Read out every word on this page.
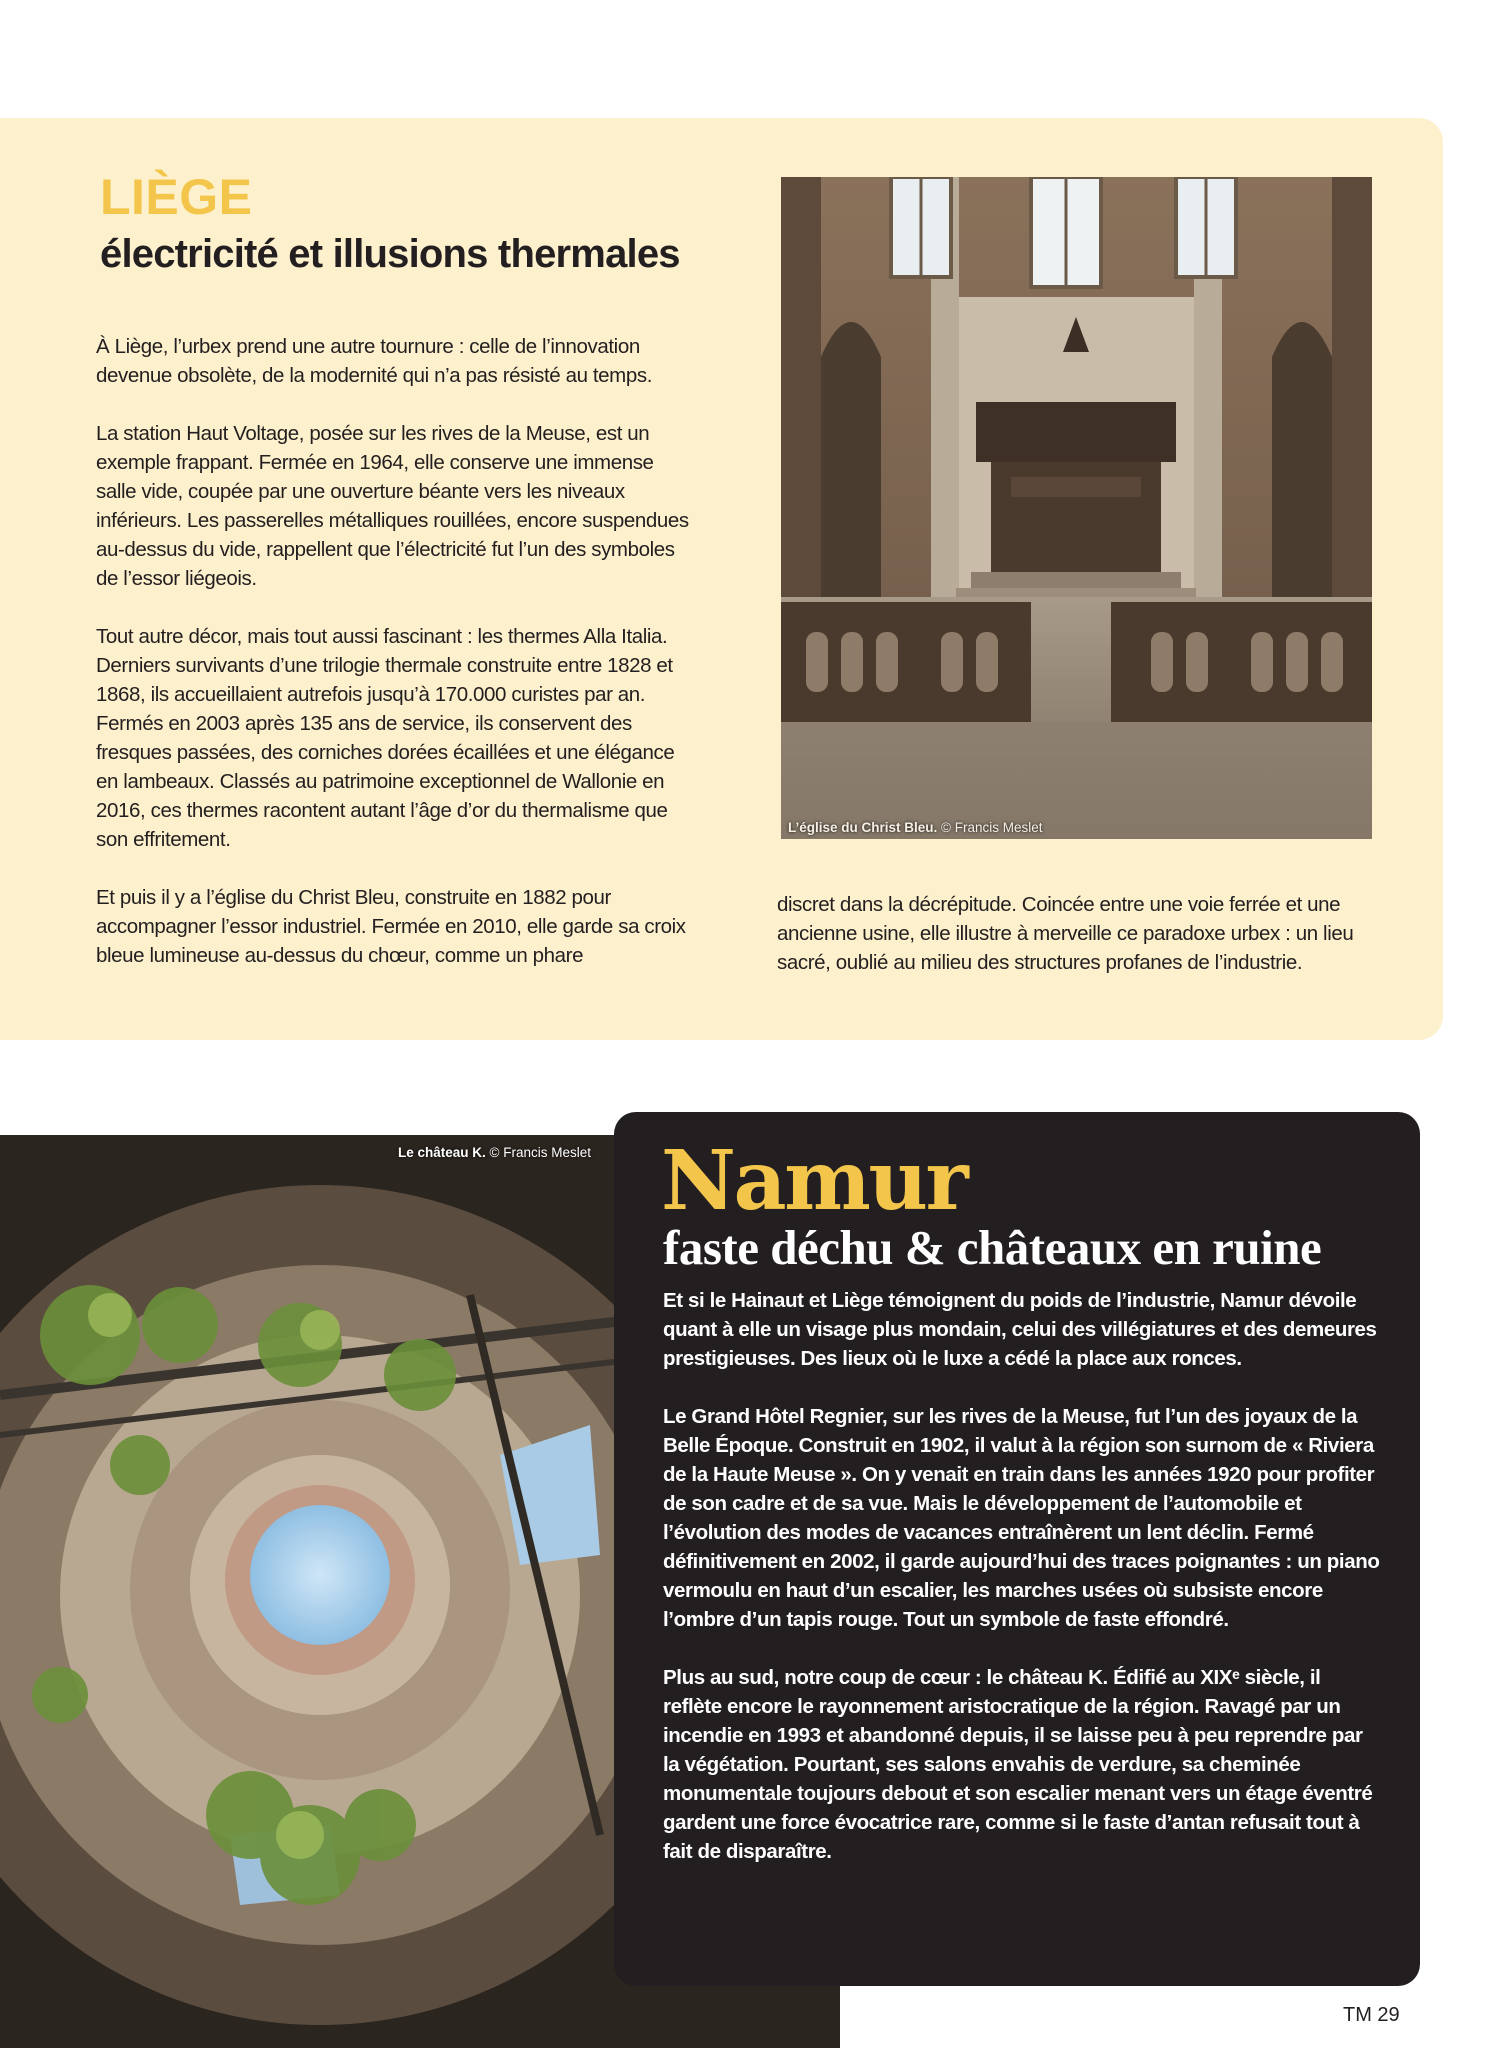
LIÈGE
électricité et illusions thermales

À Liège, l’urbex prend une autre tournure : celle de l’innovation devenue obsolète, de la modernité qui n’a pas résisté au temps.

La station Haut Voltage, posée sur les rives de la Meuse, est un exemple frappant. Fermée en 1964, elle conserve une immense salle vide, coupée par une ouverture béante vers les niveaux inférieurs. Les passerelles métalliques rouillées, encore suspendues au-dessus du vide, rappellent que l’électricité fut l’un des symboles de l’essor liégeois.

Tout autre décor, mais tout aussi fascinant : les thermes Alla Italia. Derniers survivants d’une trilogie thermale construite entre 1828 et 1868, ils accueillaient autrefois jusqu’à 170.000 curistes par an. Fermés en 2003 après 135 ans de service, ils conservent des fresques passées, des corniches dorées écaillées et une élégance en lambeaux. Classés au patrimoine exceptionnel de Wallonie en 2016, ces thermes racontent autant l’âge d’or du thermalisme que son effritement.

Et puis il y a l’église du Christ Bleu, construite en 1882 pour accompagner l’essor industriel. Fermée en 2010, elle garde sa croix bleue lumineuse au-dessus du chœur, comme un phare

discret dans la décrépitude. Coincée entre une voie ferrée et une ancienne usine, elle illustre à merveille ce paradoxe urbex : un lieu sacré, oublié au milieu des structures profanes de l’industrie.

L’église du Christ Bleu. © Francis Meslet
Le château K. © Francis Meslet Namur
faste déchu & châteaux en ruine

Et si le Hainaut et Liège témoignent du poids de l’industrie, Namur dévoile quant à elle un visage plus mondain, celui des villégiatures et des demeures prestigieuses. Des lieux où le luxe a cédé la place aux ronces.

Le Grand Hôtel Regnier, sur les rives de la Meuse, fut l’un des joyaux de la Belle Époque. Construit en 1902, il valut à la région son surnom de « Riviera de la Haute Meuse ». On y venait en train dans les années 1920 pour profiter de son cadre et de sa vue. Mais le développement de l’automobile et l’évolution des modes de vacances entraînèrent un lent déclin. Fermé définitivement en 2002, il garde aujourd’hui des traces poignantes : un piano vermoulu en haut d’un escalier, les marches usées où subsiste encore l’ombre d’un tapis rouge. Tout un symbole de faste effondré.

Plus au sud, notre coup de cœur : le château K. Édifié au XIXᵉ siècle, il reflète encore le rayonnement aristocratique de la région. Ravagé par un incendie en 1993 et abandonné depuis, il se laisse peu à peu reprendre par la végétation. Pourtant, ses salons envahis de verdure, sa cheminée monumentale toujours debout et son escalier menant vers un étage éventré gardent une force évocatrice rare, comme si le faste d’antan refusait tout à fait de disparaître.

TM 29
